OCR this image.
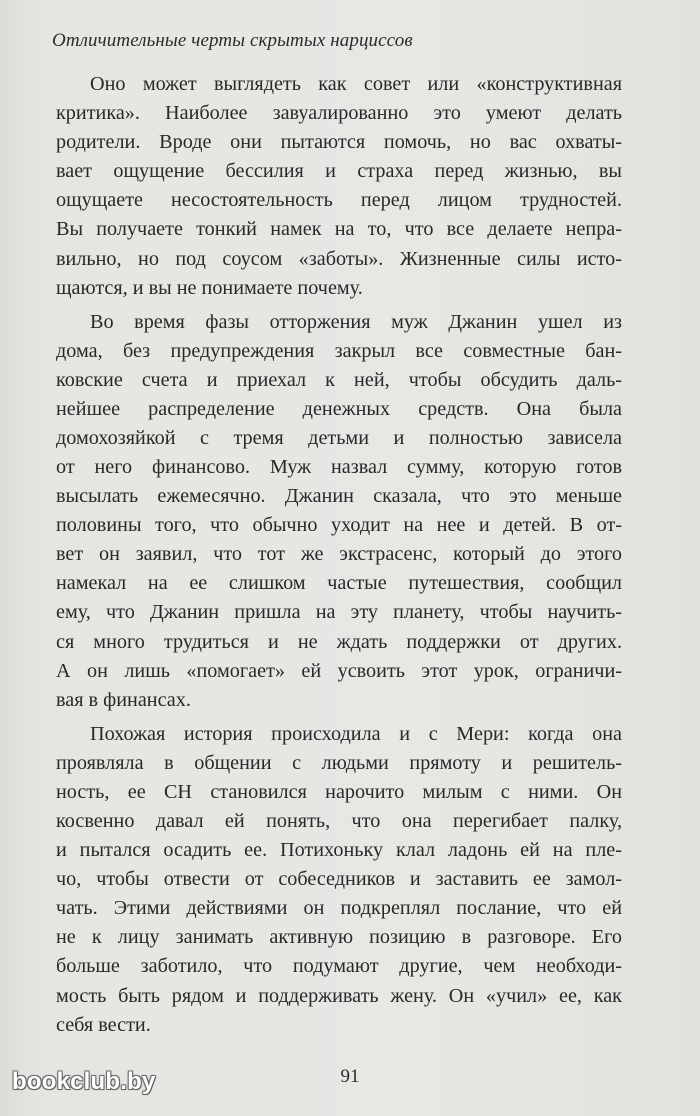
Отличительные черты скрытых нарциссов

Оно может выглядеть как совет или «конструктивная
критика». Наиболее завуалированно это умеют делать
родители. Вроде они пытаются помочь, но вас охваты-
вает ощущение бессилия и страха перед жизнью, вы
ощущаете несостоятельность перед лицом трудностей.
Вы получаете тонкий намек на то, что все делаете непра-
вильно, но под соусом «заботы». Жизненные силы исто-
щаются, и вы не понимаете почему.

Во время фазы отторжения муж Джанин ушел из
дома, без предупреждения закрыл все совместные бан-
ковские счета и приехал к ней, чтобы обсудить даль-
нейшее распределение денежных средств. Она была
домохозяйкой с тремя детьми и полностью зависела
от него финансово. Муж назвал сумму, которую готов
высылать ежемесячно. Джанин сказала, что это меньше
половины того, что обычно уходит на нее и детей. В от-
вет он заявил, что тот же экстрасенс, который до этого
намекал на ее слишком частые путешествия, сообщил
ему, что Джанин пришла на эту планету, чтобы научить-
ся много трудиться и не ждать поддержки от других.
А он лишь «помогает» ей усвоить этот урок, ограничи-
вая в финансах.

Похожая история происходила и с Мери: когда она
проявляла в общении с людьми прямоту и решитель-
ность, ее СН становился нарочито милым с ними. Он
косвенно давал ей понять, что она перегибает палку,
и пытался осадить ее. Потихоньку клал ладонь ей на пле-
чо, чтобы отвести от собеседников и заставить ее замол-
чать. Этими действиями он подкреплял послание, что ей
не к лицу занимать активную позицию в разговоре. Его
больше заботило, что подумают другие, чем необходи-
мость быть рядом и поддерживать жену. Он «учил» ее, как
себя вести.

91
bookclub.by
